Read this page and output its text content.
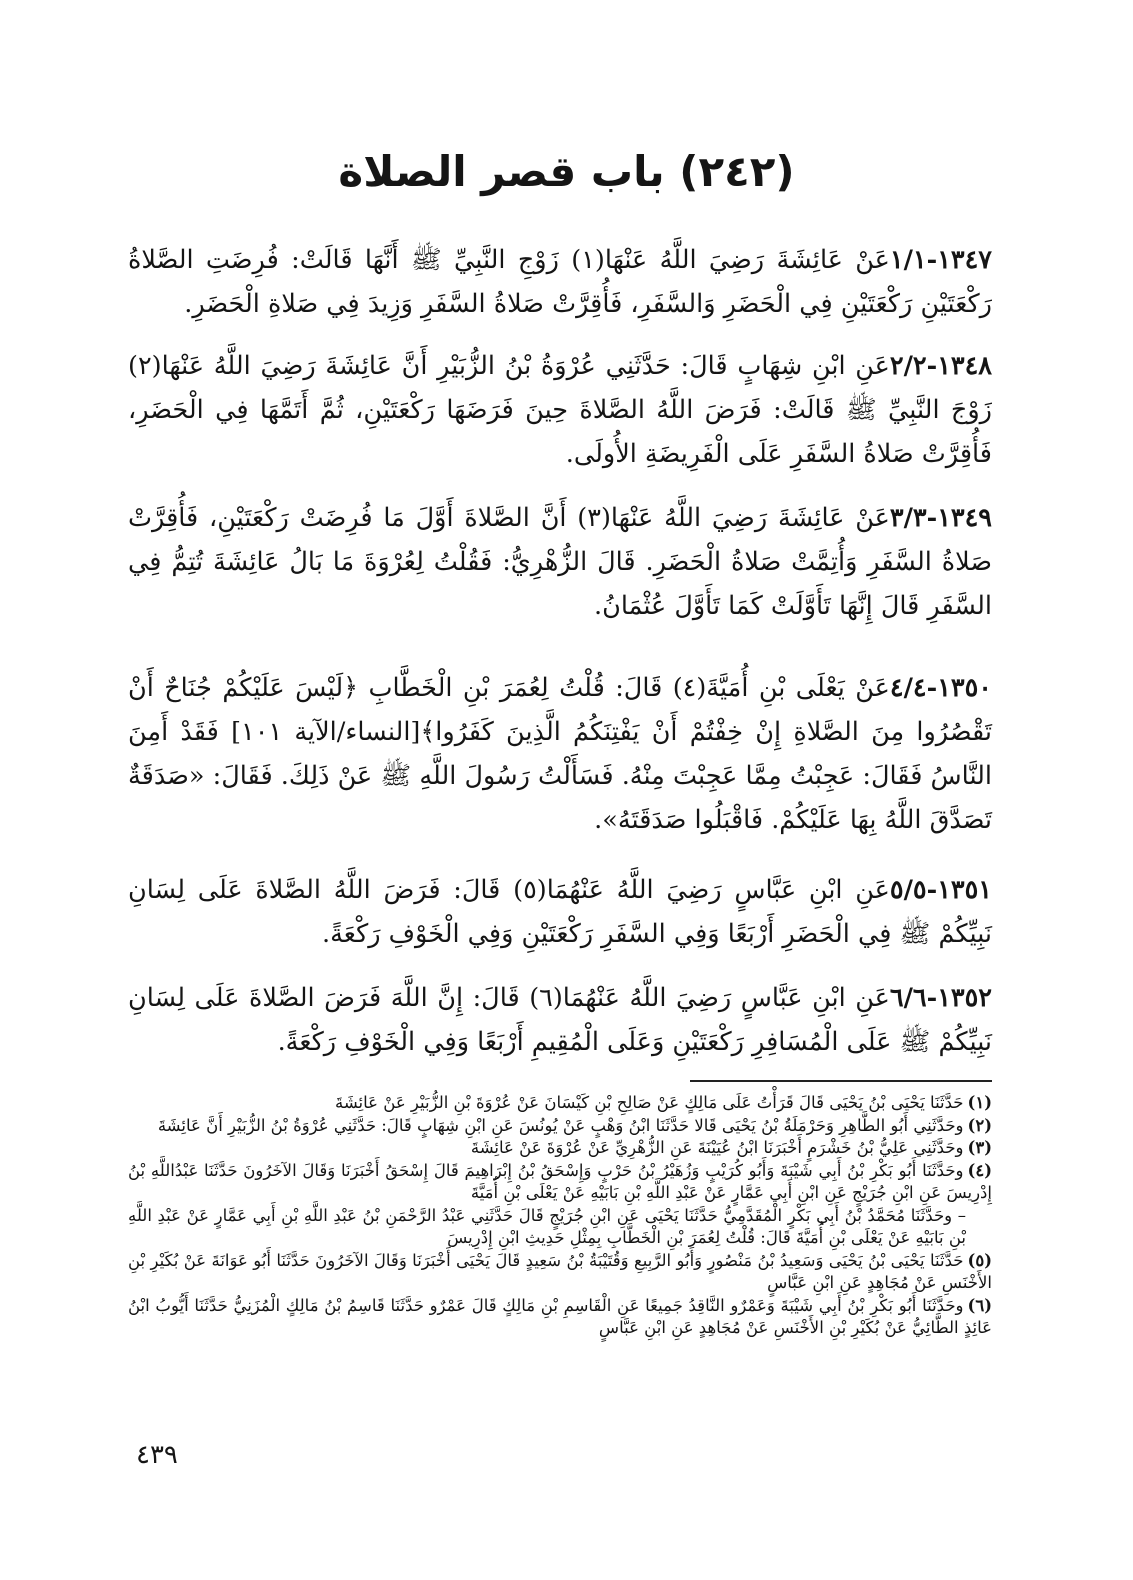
(٢٤٢) باب قصر الصلاة

١٣٤٧-١/١عَنْ عَائِشَةَ رَضِيَ اللَّهُ عَنْهَا(١) زَوْجِ النَّبِيِّ ﷺ أَنَّهَا قَالَتْ: فُرِضَتِ الصَّلاةُ رَكْعَتَيْنِ رَكْعَتَيْنِ فِي الْحَضَرِ وَالسَّفَرِ، فَأُقِرَّتْ صَلاةُ السَّفَرِ وَزِيدَ فِي صَلاةِ الْحَضَرِ.

١٣٤٨-٢/٢عَنِ ابْنِ شِهَابٍ قَالَ: حَدَّثَنِي عُرْوَةُ بْنُ الزُّبَيْرِ أَنَّ عَائِشَةَ رَضِيَ اللَّهُ عَنْهَا(٢) زَوْجَ النَّبِيِّ ﷺ قَالَتْ: فَرَضَ اللَّهُ الصَّلاةَ حِينَ فَرَضَهَا رَكْعَتَيْنِ، ثُمَّ أَتَمَّهَا فِي الْحَضَرِ، فَأُقِرَّتْ صَلاةُ السَّفَرِ عَلَى الْفَرِيضَةِ الأُولَى.

١٣٤٩-٣/٣عَنْ عَائِشَةَ رَضِيَ اللَّهُ عَنْهَا(٣) أَنَّ الصَّلاةَ أَوَّلَ مَا فُرِضَتْ رَكْعَتَيْنِ، فَأُقِرَّتْ صَلاةُ السَّفَرِ وَأُتِمَّتْ صَلاةُ الْحَضَرِ. قَالَ الزُّهْرِيُّ: فَقُلْتُ لِعُرْوَةَ مَا بَالُ عَائِشَةَ تُتِمُّ فِي السَّفَرِ قَالَ إِنَّهَا تَأَوَّلَتْ كَمَا تَأَوَّلَ عُثْمَانُ.

١٣٥٠-٤/٤عَنْ يَعْلَى بْنِ أُمَيَّةَ(٤) قَالَ: قُلْتُ لِعُمَرَ بْنِ الْخَطَّابِ ﴿لَيْسَ عَلَيْكُمْ جُنَاحٌ أَنْ تَقْصُرُوا مِنَ الصَّلاةِ إِنْ خِفْتُمْ أَنْ يَفْتِنَكُمُ الَّذِينَ كَفَرُوا﴾[النساء/الآية ١٠١] فَقَدْ أَمِنَ النَّاسُ فَقَالَ: عَجِبْتُ مِمَّا عَجِبْتَ مِنْهُ. فَسَأَلْتُ رَسُولَ اللَّهِ ﷺ عَنْ ذَلِكَ. فَقَالَ: «صَدَقَةٌ تَصَدَّقَ اللَّهُ بِهَا عَلَيْكُمْ. فَاقْبَلُوا صَدَقَتَهُ».

١٣٥١-٥/٥عَنِ ابْنِ عَبَّاسٍ رَضِيَ اللَّهُ عَنْهُمَا(٥) قَالَ: فَرَضَ اللَّهُ الصَّلاةَ عَلَى لِسَانِ نَبِيِّكُمْ ﷺ فِي الْحَضَرِ أَرْبَعًا وَفِي السَّفَرِ رَكْعَتَيْنِ وَفِي الْخَوْفِ رَكْعَةً.

١٣٥٢-٦/٦عَنِ ابْنِ عَبَّاسٍ رَضِيَ اللَّهُ عَنْهُمَا(٦) قَالَ: إِنَّ اللَّهَ فَرَضَ الصَّلاةَ عَلَى لِسَانِ نَبِيِّكُمْ ﷺ عَلَى الْمُسَافِرِ رَكْعَتَيْنِ وَعَلَى الْمُقِيمِ أَرْبَعًا وَفِي الْخَوْفِ رَكْعَةً.

(١)حَدَّثَنَا يَحْيَى بْنُ يَحْيَى قَالَ قَرَأْتُ عَلَى مَالِكٍ عَنْ صَالِحِ بْنِ كَيْسَانَ عَنْ عُرْوَةَ بْنِ الزُّبَيْرِ عَنْ عَائِشَةَ

(٢)وحَدَّثَنِي أَبُو الطَّاهِرِ وَحَرْمَلَةُ بْنُ يَحْيَى قَالا حَدَّثَنَا ابْنُ وَهْبٍ عَنْ يُونُسَ عَنِ ابْنِ شِهَابٍ قَالَ: حَدَّثَنِي عُرْوَةُ بْنُ الزُّبَيْرِ أَنَّ عَائِشَةَ

(٣)وحَدَّثَنِي عَلِيُّ بْنُ خَشْرَمٍ أَخْبَرَنَا ابْنُ عُيَيْنَةَ عَنِ الزُّهْرِيِّ عَنْ عُرْوَةَ عَنْ عَائِشَةَ

(٤)وحَدَّثَنَا أَبُو بَكْرِ بْنُ أَبِي شَيْبَةَ وَأَبُو كُرَيْبٍ وَزُهَيْرُ بْنُ حَرْبٍ وَإِسْحَقُ بْنُ إِبْرَاهِيمَ قَالَ إِسْحَقُ أَخْبَرَنَا وَقَالَ الآخَرُونَ حَدَّثَنَا عَبْدُاللَّهِ بْنُ إِدْرِيسَ عَنِ ابْنِ جُرَيْجٍ عَنِ ابْنِ أَبِي عَمَّارٍ عَنْ عَبْدِ اللَّهِ بْنِ بَابَيْهِ عَنْ يَعْلَى بْنِ أُمَيَّةَ
– وحَدَّثَنَا مُحَمَّدُ بْنُ أَبِي بَكْرٍ الْمُقَدَّمِيُّ حَدَّثَنَا يَحْيَى عَنِ ابْنِ جُرَيْجٍ قَالَ حَدَّثَنِي عَبْدُ الرَّحْمَنِ بْنُ عَبْدِ اللَّهِ بْنِ أَبِي عَمَّارٍ عَنْ عَبْدِ اللَّهِ بْنِ بَابَيْهِ عَنْ يَعْلَى بْنِ أُمَيَّةَ قَالَ: قُلْتُ لِعُمَرَ بْنِ الْخَطَّابِ بِمِثْلِ حَدِيثِ ابْنِ إِدْرِيسَ

(٥)حَدَّثَنَا يَحْيَى بْنُ يَحْيَى وَسَعِيدُ بْنُ مَنْصُورٍ وَأَبُو الرَّبِيعِ وَقُتَيْبَةُ بْنُ سَعِيدٍ قَالَ يَحْيَى أَخْبَرَنَا وَقَالَ الآخَرُونَ حَدَّثَنَا أَبُو عَوَانَةَ عَنْ بُكَيْرِ بْنِ الأَخْنَسِ عَنْ مُجَاهِدٍ عَنِ ابْنِ عَبَّاسٍ

(٦)وحَدَّثَنَا أَبُو بَكْرِ بْنُ أَبِي شَيْبَةَ وَعَمْرٌو النَّاقِدُ جَمِيعًا عَنِ الْقَاسِمِ بْنِ مَالِكٍ قَالَ عَمْرٌو حَدَّثَنَا قَاسِمُ بْنُ مَالِكٍ الْمُزَنِيُّ حَدَّثَنَا أَيُّوبُ ابْنُ عَائِذٍ الطَّائِيُّ عَنْ بُكَيْرِ بْنِ الأَخْنَسِ عَنْ مُجَاهِدٍ عَنِ ابْنِ عَبَّاسٍ

٤٣٩
